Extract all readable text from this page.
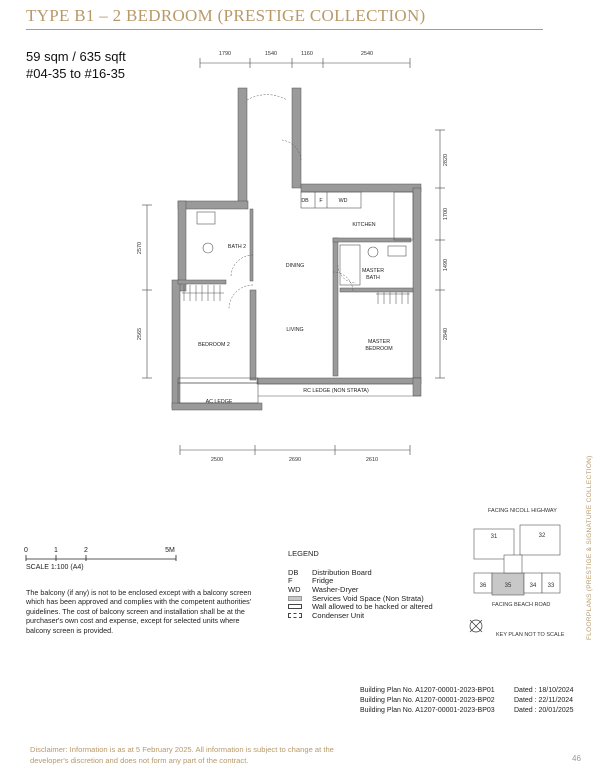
TYPE B1 – 2 BEDROOM (PRESTIGE COLLECTION)
59 sqm / 635 sqft
#04-35 to #16-35
1790	1540	1160	2540
2820
1700
1490
2840
2570
2565
2500	2690	2610
DB F	WD
KITCHEN
BATH 2
DINING
MASTER
BATH
LIVING
BEDROOM 2	MASTER
BEDROOM
RC LEDGE (NON STRATA)
AC LEDGE
0	1	2	5M
31	32
36	35	34 33
FACING NICOLL HIGHWAY
FACING BEACH ROAD
KEY PLAN NOT TO SCALE
SCALE 1:100 (A4)
The balcony (if any) is not to be enclosed except with a balcony screen which has been approved and complies with the competent authorities' guidelines. The cost of balcony screen and installation shall be at the purchaser's own cost and expense, except for selected units where balcony screen is provided.
LEGEND
DB	Distribution Board
F	Fridge
WD	Washer-Dryer
Services Void Space (Non Strata)
Wall allowed to be hacked or altered
Condenser Unit
Building Plan No. A1207-00001-2023-BP01	Dated : 18/10/2024
Building Plan No. A1207-00001-2023-BP02	Dated : 22/11/2024
Building Plan No. A1207-00001-2023-BP03	Dated : 20/01/2025
Disclaimer: Information is as at 5 February 2025. All information is subject to change at the developer's discretion and does not form any part of the contract.	46
FLOORPLANS (PRESTIGE & SIGNATURE COLLECTION)
